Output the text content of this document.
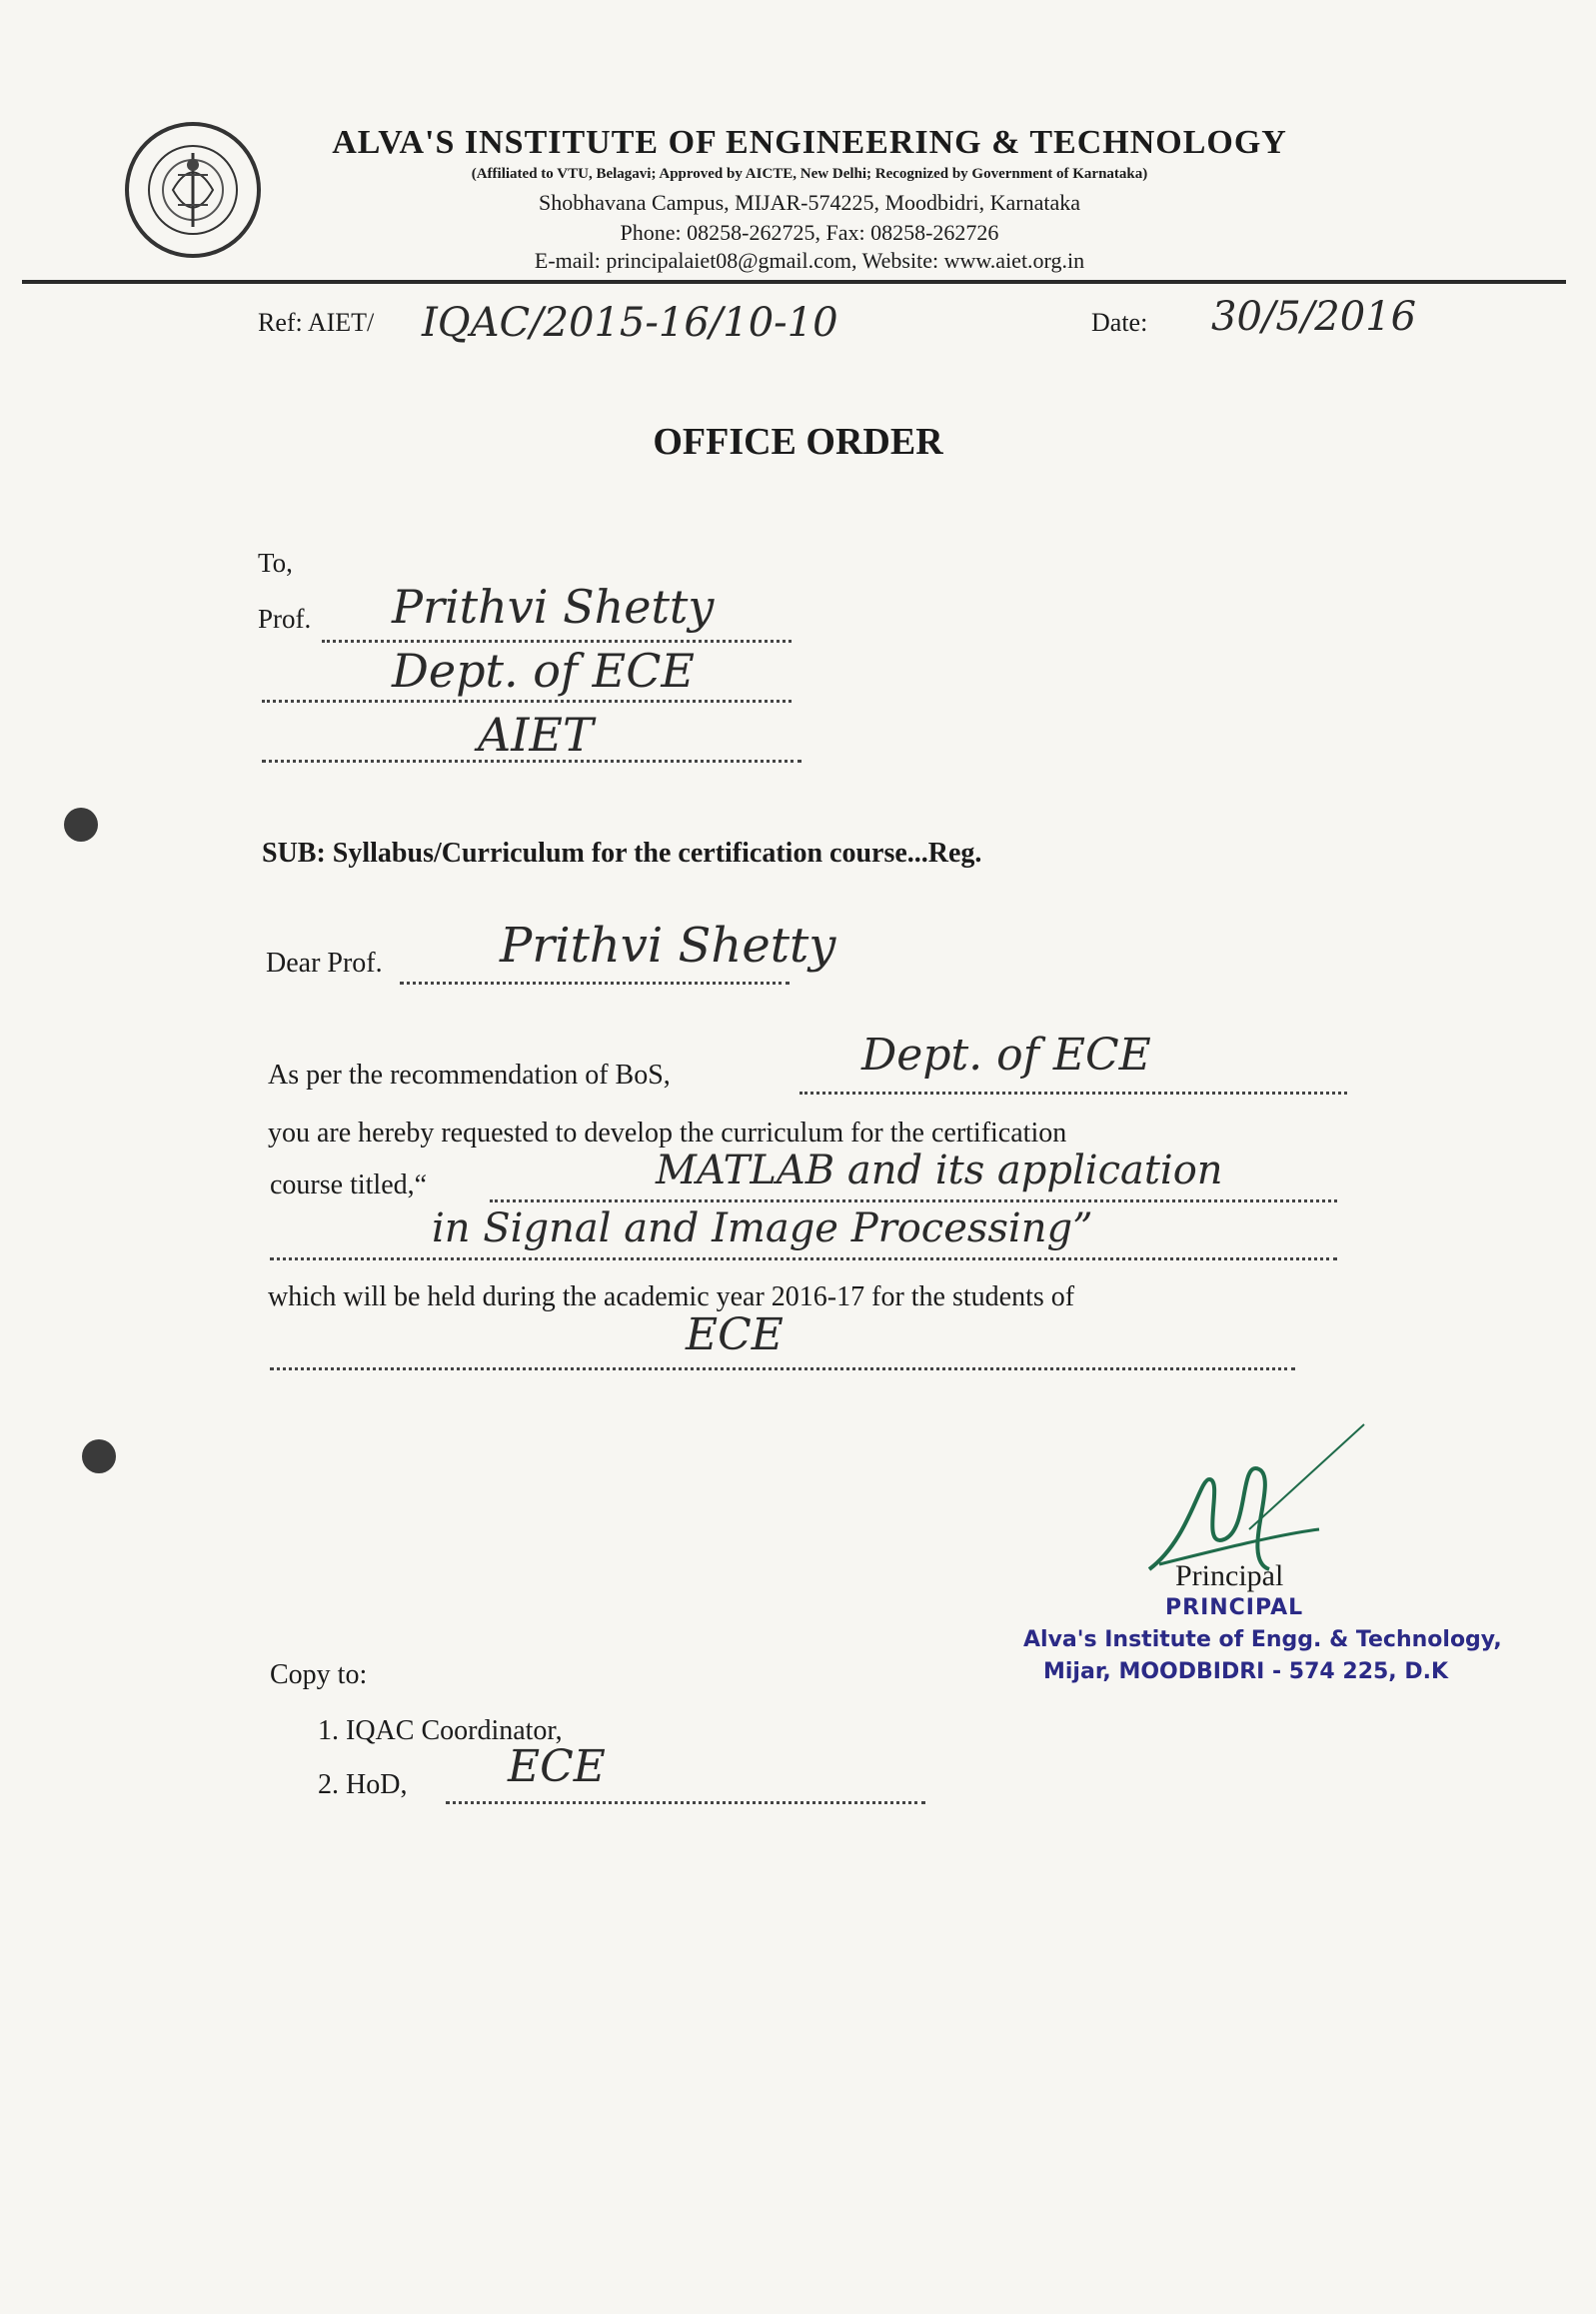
ALVA'S INSTITUTE OF ENGINEERING & TECHNOLOGY
(Affiliated to VTU, Belagavi; Approved by AICTE, New Delhi; Recognized by Government of Karnataka)
Shobhavana Campus, MIJAR-574225, Moodbidri, Karnataka
Phone: 08258-262725, Fax: 08258-262726
E-mail: principalaiet08@gmail.com, Website: www.aiet.org.in
Ref: AIET/ IQAC/2015-16/10-10	Date: 30/5/2016
OFFICE ORDER
To,
Prof. Prithvi Shetty
Dept. of ECE
AIET
SUB: Syllabus/Curriculum for the certification course...Reg.
Dear Prof. Prithvi Shetty
As per the recommendation of BoS,	Dept. of ECE
you are hereby requested to develop the curriculum for the certification
course titled,“	MATLAB and its application
in Signal and Image Processing”
which will be held during the academic year 2016-17 for the students of
ECE
Principal
PRINCIPAL
Alva's Institute of Engg. & Technology,
Mijar, MOODBIDRI - 574 225, D.K
Copy to:
1. IQAC Coordinator,
2. HoD, ECE
